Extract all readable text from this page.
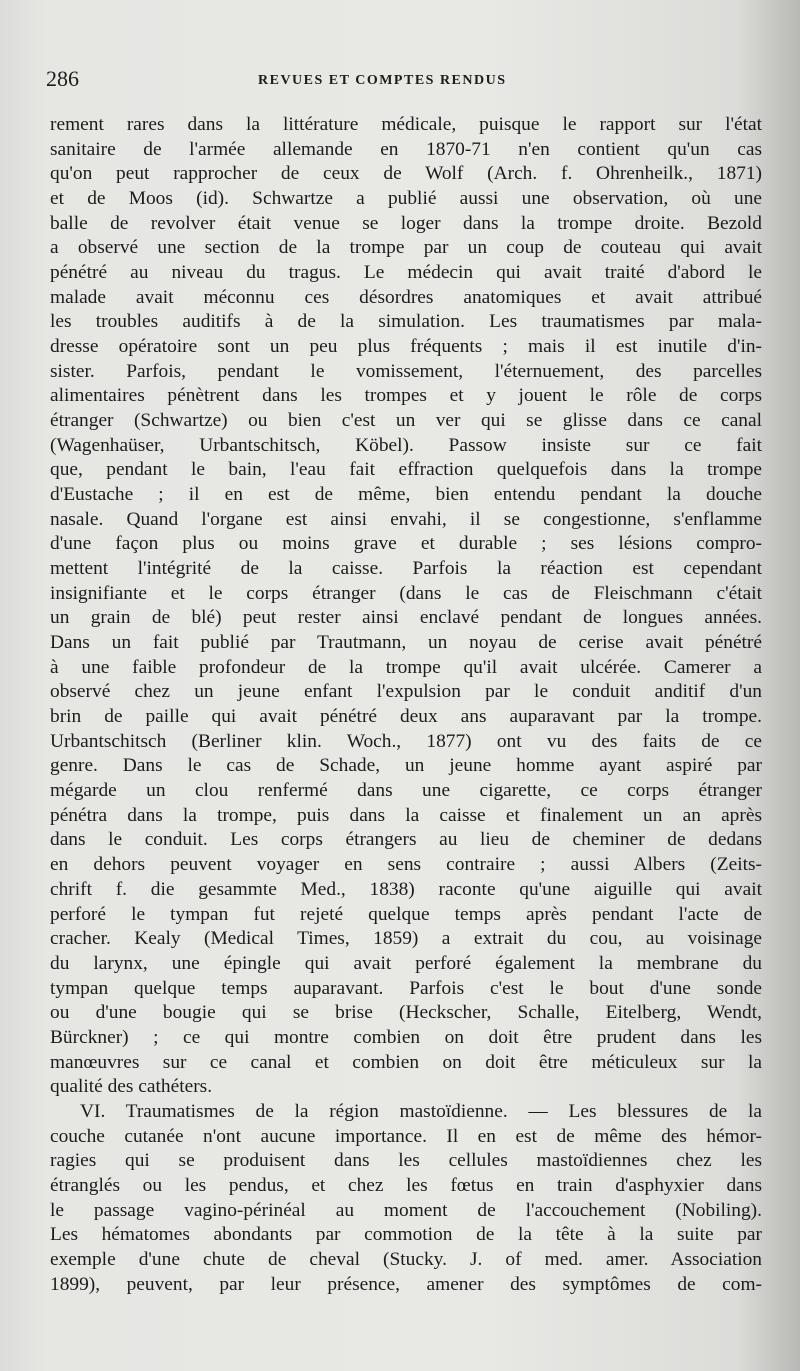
286	REVUES ET COMPTES RENDUS
rement rares dans la littérature médicale, puisque le rapport sur l'état
sanitaire de l'armée allemande en 1870-71 n'en contient qu'un cas
qu'on peut rapprocher de ceux de Wolf (Arch. f. Ohrenheilk., 1871)
et de Moos (id). Schwartze a publié aussi une observation, où une
balle de revolver était venue se loger dans la trompe droite. Bezold
a observé une section de la trompe par un coup de couteau qui avait
pénétré au niveau du tragus. Le médecin qui avait traité d'abord le
malade avait méconnu ces désordres anatomiques et avait attribué
les troubles auditifs à de la simulation. Les traumatismes par mala-
dresse opératoire sont un peu plus fréquents ; mais il est inutile d'in-
sister. Parfois, pendant le vomissement, l'éternuement, des parcelles
alimentaires pénètrent dans les trompes et y jouent le rôle de corps
étranger (Schwartze) ou bien c'est un ver qui se glisse dans ce canal
(Wagenhaüser, Urbantschitsch, Köbel). Passow insiste sur ce fait
que, pendant le bain, l'eau fait effraction quelquefois dans la trompe
d'Eustache ; il en est de même, bien entendu pendant la douche
nasale. Quand l'organe est ainsi envahi, il se congestionne, s'enflamme
d'une façon plus ou moins grave et durable ; ses lésions compro-
mettent l'intégrité de la caisse. Parfois la réaction est cependant
insignifiante et le corps étranger (dans le cas de Fleischmann c'était
un grain de blé) peut rester ainsi enclavé pendant de longues années.
Dans un fait publié par Trautmann, un noyau de cerise avait pénétré
à une faible profondeur de la trompe qu'il avait ulcérée. Camerer a
observé chez un jeune enfant l'expulsion par le conduit anditif d'un
brin de paille qui avait pénétré deux ans auparavant par la trompe.
Urbantschitsch (Berliner klin. Woch., 1877) ont vu des faits de ce
genre. Dans le cas de Schade, un jeune homme ayant aspiré par
mégarde un clou renfermé dans une cigarette, ce corps étranger
pénétra dans la trompe, puis dans la caisse et finalement un an après
dans le conduit. Les corps étrangers au lieu de cheminer de dedans
en dehors peuvent voyager en sens contraire ; aussi Albers (Zeits-
chrift f. die gesammte Med., 1838) raconte qu'une aiguille qui avait
perforé le tympan fut rejeté quelque temps après pendant l'acte de
cracher. Kealy (Medical Times, 1859) a extrait du cou, au voisinage
du larynx, une épingle qui avait perforé également la membrane du
tympan quelque temps auparavant. Parfois c'est le bout d'une sonde
ou d'une bougie qui se brise (Heckscher, Schalle, Eitelberg, Wendt,
Bürckner) ; ce qui montre combien on doit être prudent dans les
manœuvres sur ce canal et combien on doit être méticuleux sur la
qualité des cathéters.
VI. Traumatismes de la région mastoïdienne. — Les blessures de la
couche cutanée n'ont aucune importance. Il en est de même des hémor-
ragies qui se produisent dans les cellules mastoïdiennes chez les
étranglés ou les pendus, et chez les fœtus en train d'asphyxier dans
le passage vagino-périnéal au moment de l'accouchement (Nobiling).
Les hématomes abondants par commotion de la tête à la suite par
exemple d'une chute de cheval (Stucky. J. of med. amer. Association
1899), peuvent, par leur présence, amener des symptômes de com-
